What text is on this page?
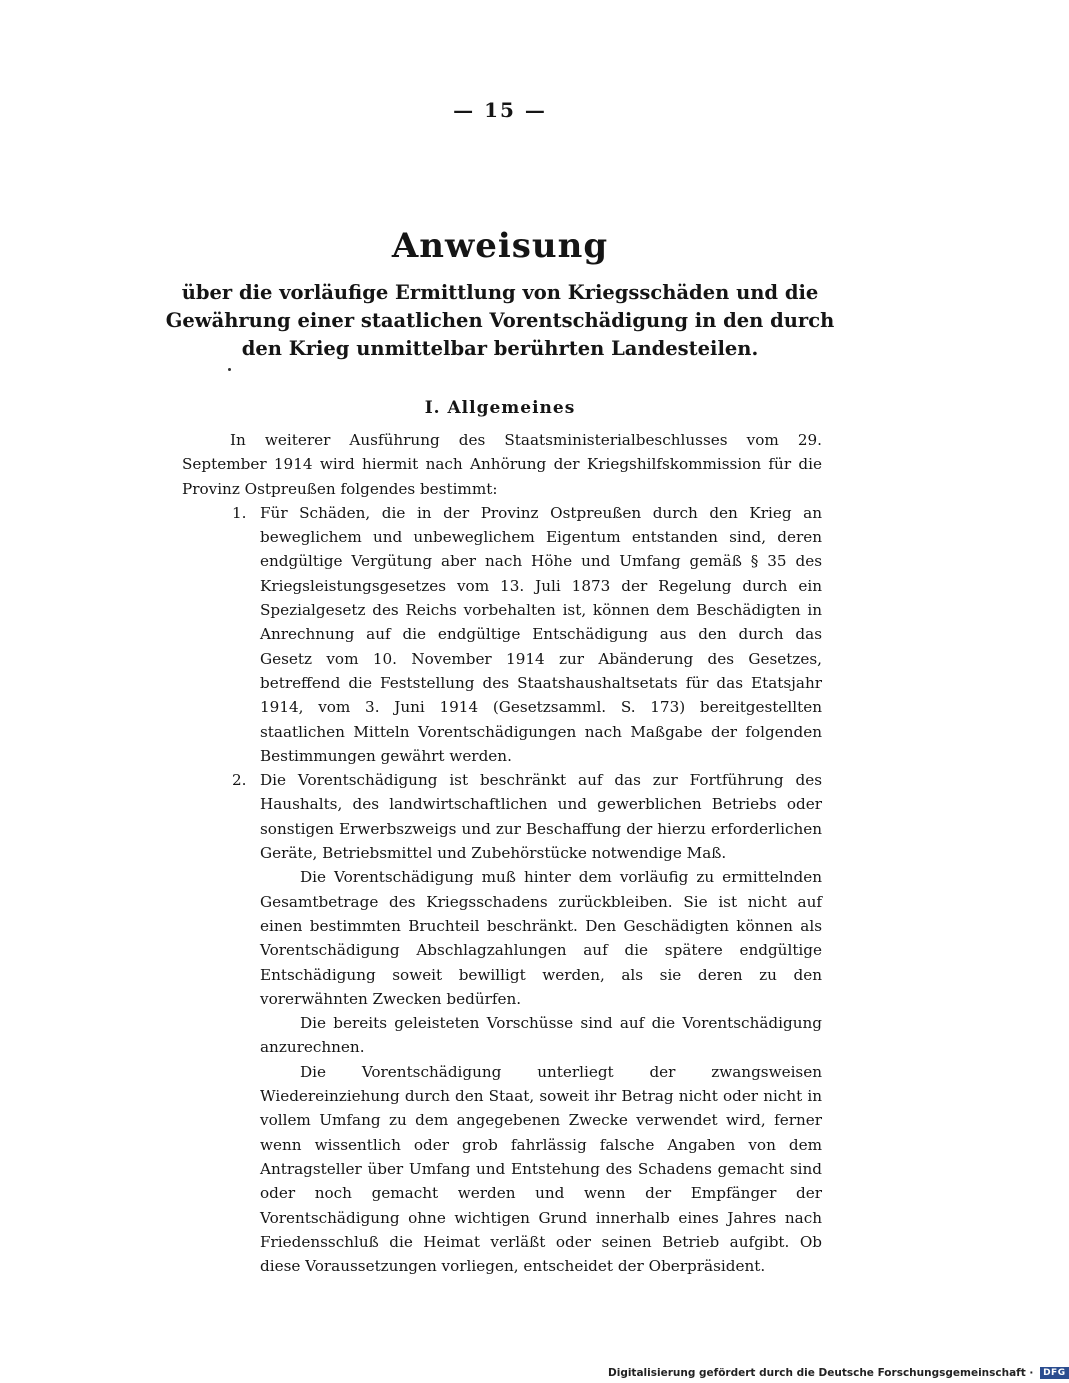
— 15 —
Anweisung
über die vorläufige Ermittlung von Kriegsschäden und die Gewährung einer staatlichen Vorentschädigung in den durch den Krieg unmittelbar berührten Landesteilen.
I. Allgemeines

In weiterer Ausführung des Staatsministerialbeschlusses vom 29. September 1914 wird hiermit nach Anhörung der Kriegshilfskommission für die Provinz Ostpreußen folgendes bestimmt:

1. Für Schäden, die in der Provinz Ostpreußen durch den Krieg an beweglichem und unbeweglichem Eigentum entstanden sind, deren endgültige Vergütung aber nach Höhe und Umfang gemäß § 35 des Kriegsleistungsgesetzes vom 13. Juli 1873 der Regelung durch ein Spezialgesetz des Reichs vorbehalten ist, können dem Beschädigten in Anrechnung auf die endgültige Entschädigung aus den durch das Gesetz vom 10. November 1914 zur Abänderung des Gesetzes, betreffend die Feststellung des Staatshaushaltsetats für das Etatsjahr 1914, vom 3. Juni 1914 (Gesetzsamml. S. 173) bereitgestellten staatlichen Mitteln Vorentschädigungen nach Maßgabe der folgenden Bestimmungen gewährt werden.

2. Die Vorentschädigung ist beschränkt auf das zur Fortführung des Haushalts, des landwirtschaftlichen und gewerblichen Betriebs oder sonstigen Erwerbszweigs und zur Beschaffung der hierzu erforderlichen Geräte, Betriebsmittel und Zubehörstücke notwendige Maß.

Die Vorentschädigung muß hinter dem vorläufig zu ermittelnden Gesamtbetrage des Kriegsschadens zurückbleiben. Sie ist nicht auf einen bestimmten Bruchteil beschränkt. Den Geschädigten können als Vorentschädigung Abschlagzahlungen auf die spätere endgültige Entschädigung soweit bewilligt werden, als sie deren zu den vorerwähnten Zwecken bedürfen.

Die bereits geleisteten Vorschüsse sind auf die Vorentschädigung anzurechnen.

Die Vorentschädigung unterliegt der zwangsweisen Wiedereinziehung durch den Staat, soweit ihr Betrag nicht oder nicht in vollem Umfang zu dem angegebenen Zwecke verwendet wird, ferner wenn wissentlich oder grob fahrlässig falsche Angaben von dem Antragsteller über Umfang und Entstehung des Schadens gemacht sind oder noch gemacht werden und wenn der Empfänger der Vorentschädigung ohne wichtigen Grund innerhalb eines Jahres nach Friedensschluß die Heimat verläßt oder seinen Betrieb aufgibt. Ob diese Voraussetzungen vorliegen, entscheidet der Oberpräsident.

Digitalisierung gefördert durch die Deutsche Forschungsgemeinschaft · DFG
